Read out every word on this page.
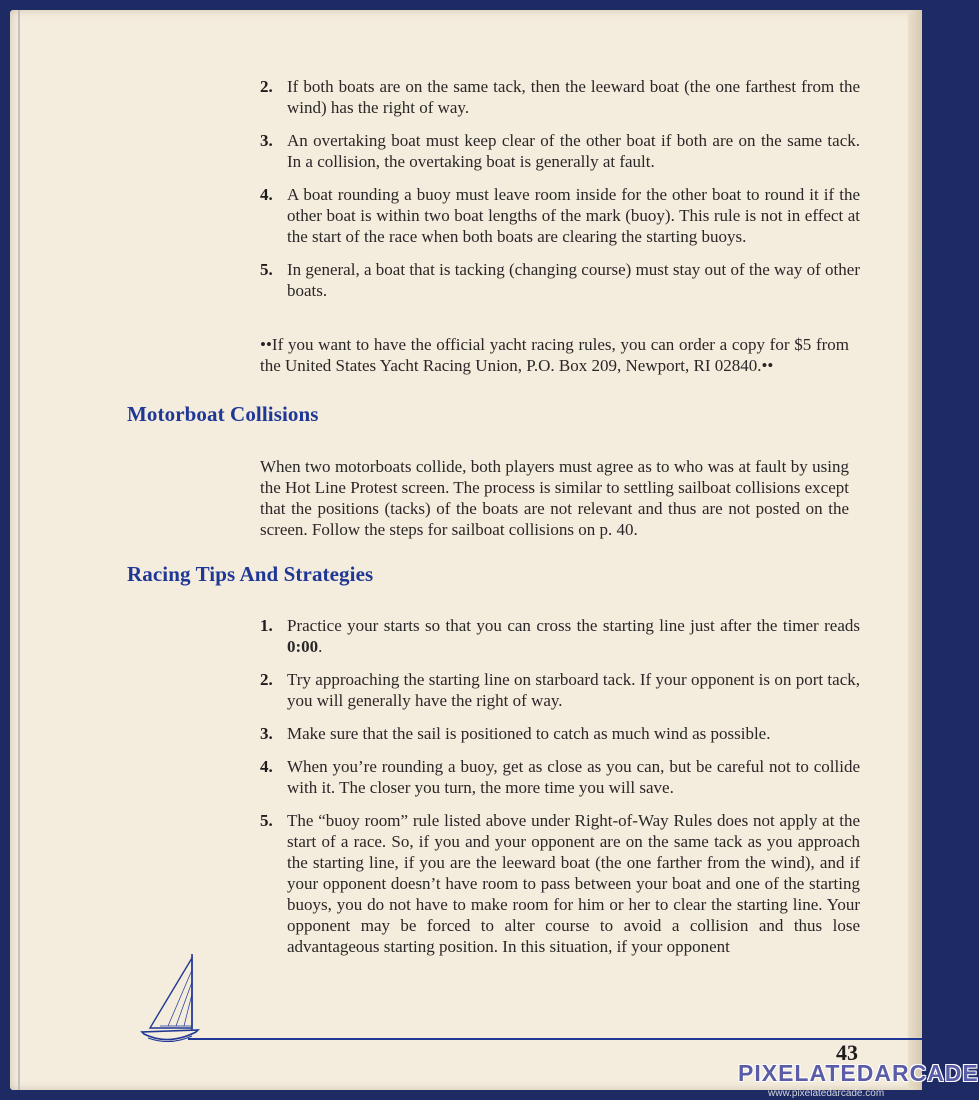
2. If both boats are on the same tack, then the leeward boat (the one farthest from the wind) has the right of way.
3. An overtaking boat must keep clear of the other boat if both are on the same tack. In a collision, the overtaking boat is generally at fault.
4. A boat rounding a buoy must leave room inside for the other boat to round it if the other boat is within two boat lengths of the mark (buoy). This rule is not in effect at the start of the race when both boats are clearing the starting buoys.
5. In general, a boat that is tacking (changing course) must stay out of the way of other boats.

••If you want to have the official yacht racing rules, you can order a copy for $5 from the United States Yacht Racing Union, P.O. Box 209, Newport, RI 02840.••

Motorboat Collisions

When two motorboats collide, both players must agree as to who was at fault by using the Hot Line Protest screen. The process is similar to settling sailboat collisions except that the positions (tacks) of the boats are not relevant and thus are not posted on the screen. Follow the steps for sailboat collisions on p. 40.

Racing Tips And Strategies
1. Practice your starts so that you can cross the starting line just after the timer reads 0:00.
2. Try approaching the starting line on starboard tack. If your opponent is on port tack, you will generally have the right of way.
3. Make sure that the sail is positioned to catch as much wind as possible.
4. When you’re rounding a buoy, get as close as you can, but be careful not to collide with it. The closer you turn, the more time you will save.
5. The “buoy room” rule listed above under Right-of-Way Rules does not apply at the start of a race. So, if you and your opponent are on the same tack as you approach the starting line, if you are the leeward boat (the one farther from the wind), and if your opponent doesn’t have room to pass between your boat and one of the starting buoys, you do not have to make room for him or her to clear the starting line. Your opponent may be forced to alter course to avoid a collision and thus lose advantageous starting position. In this situation, if your opponent
43
PIXELATEDARCADE
www.pixelatedarcade.com
